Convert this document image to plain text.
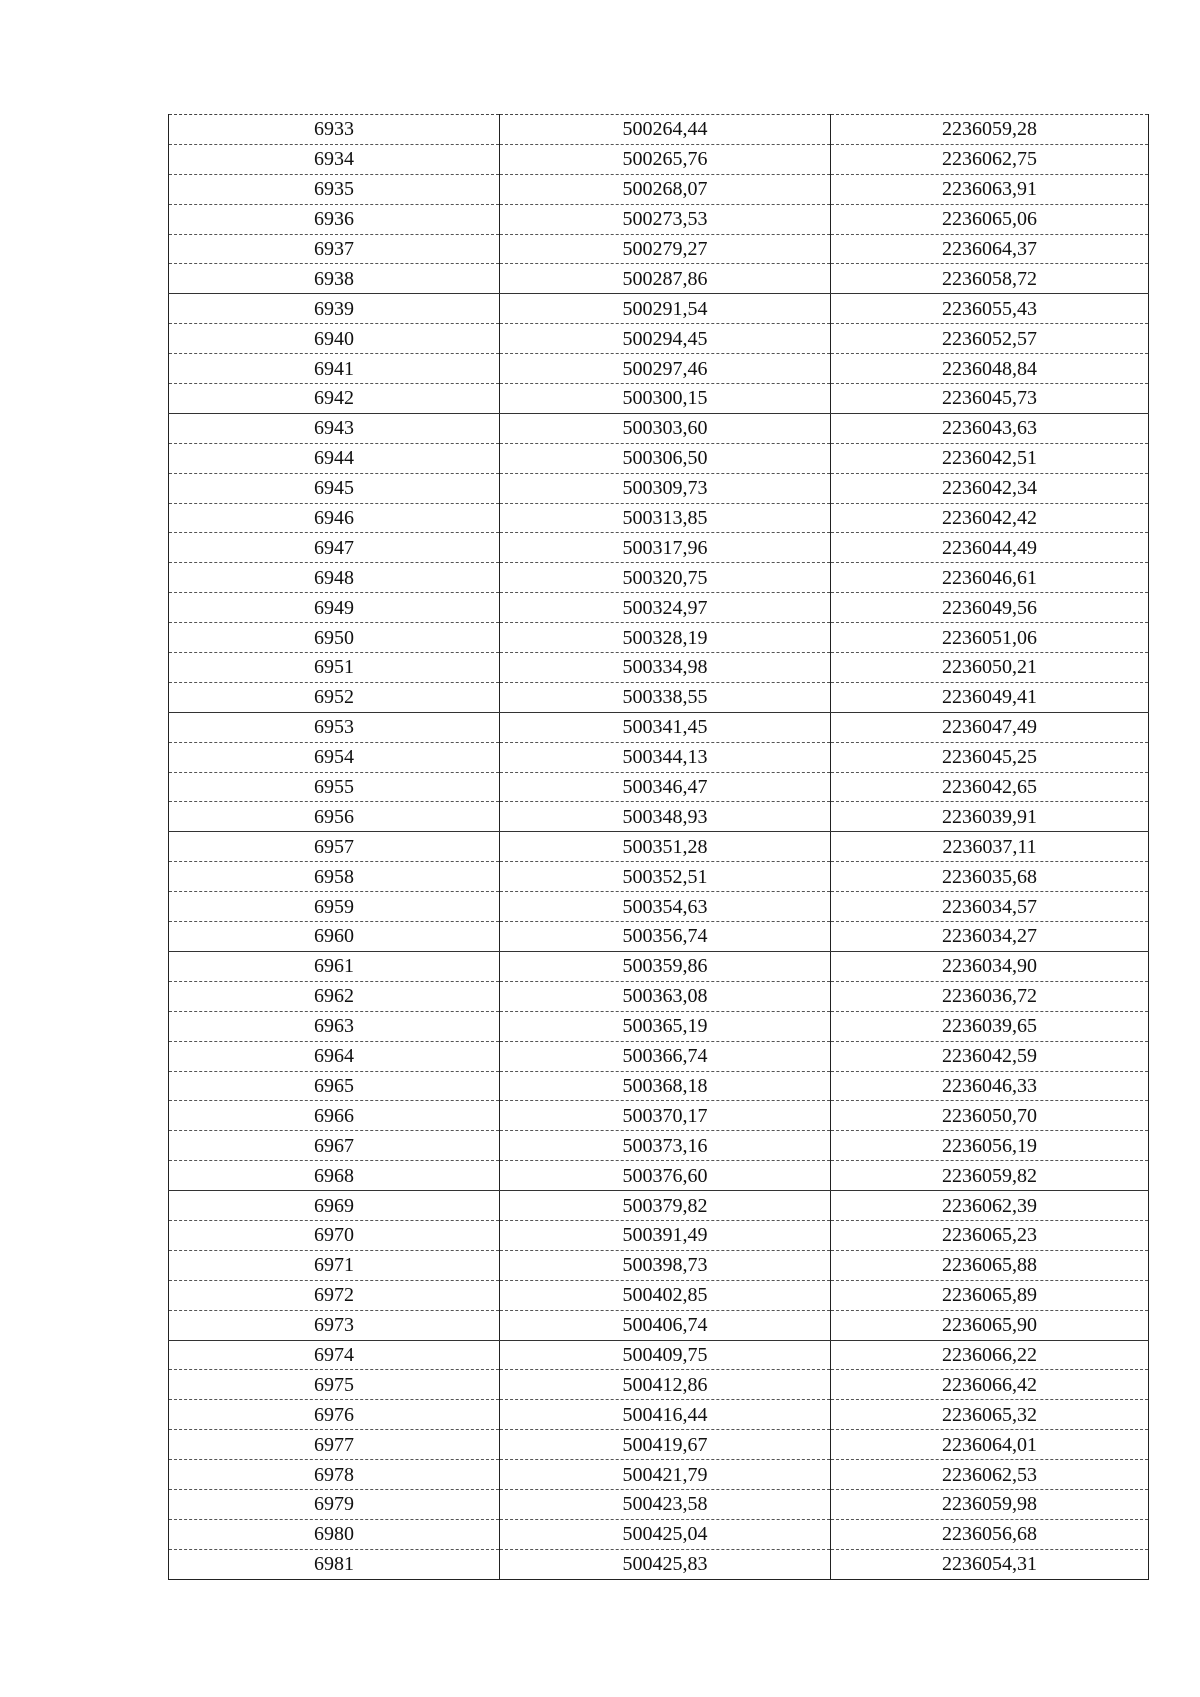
6933	500264,44	2236059,28
6934	500265,76	2236062,75
6935	500268,07	2236063,91
6936	500273,53	2236065,06
6937	500279,27	2236064,37
6938	500287,86	2236058,72
6939	500291,54	2236055,43
6940	500294,45	2236052,57
6941	500297,46	2236048,84
6942	500300,15	2236045,73
6943	500303,60	2236043,63
6944	500306,50	2236042,51
6945	500309,73	2236042,34
6946	500313,85	2236042,42
6947	500317,96	2236044,49
6948	500320,75	2236046,61
6949	500324,97	2236049,56
6950	500328,19	2236051,06
6951	500334,98	2236050,21
6952	500338,55	2236049,41
6953	500341,45	2236047,49
6954	500344,13	2236045,25
6955	500346,47	2236042,65
6956	500348,93	2236039,91
6957	500351,28	2236037,11
6958	500352,51	2236035,68
6959	500354,63	2236034,57
6960	500356,74	2236034,27
6961	500359,86	2236034,90
6962	500363,08	2236036,72
6963	500365,19	2236039,65
6964	500366,74	2236042,59
6965	500368,18	2236046,33
6966	500370,17	2236050,70
6967	500373,16	2236056,19
6968	500376,60	2236059,82
6969	500379,82	2236062,39
6970	500391,49	2236065,23
6971	500398,73	2236065,88
6972	500402,85	2236065,89
6973	500406,74	2236065,90
6974	500409,75	2236066,22
6975	500412,86	2236066,42
6976	500416,44	2236065,32
6977	500419,67	2236064,01
6978	500421,79	2236062,53
6979	500423,58	2236059,98
6980	500425,04	2236056,68
6981	500425,83	2236054,31
